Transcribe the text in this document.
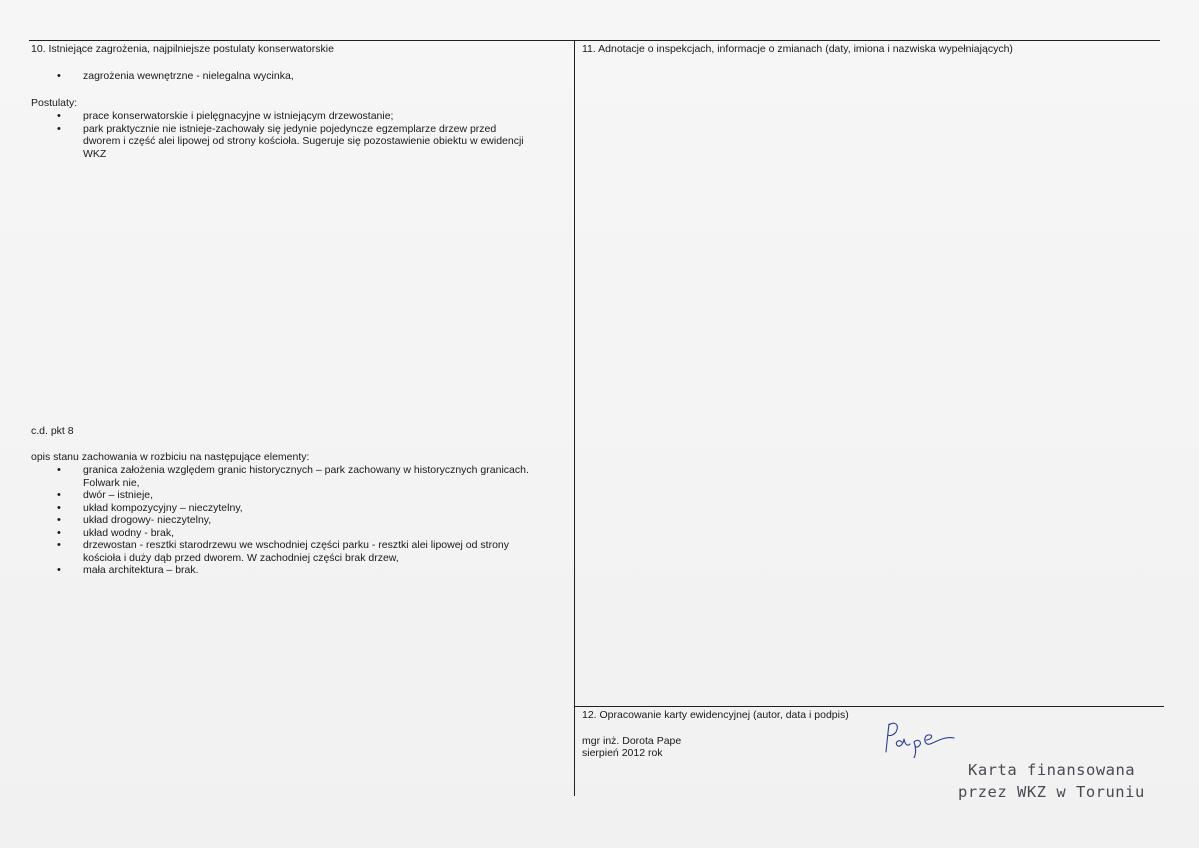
10. Istniejące zagrożenia, najpilniejsze postulaty konserwatorskie
• zagrożenia wewnętrzne - nielegalna wycinka,
Postulaty:
• prace konserwatorskie i pielęgnacyjne w istniejącym drzewostanie;
• park praktycznie nie istnieje-zachowały się jedynie pojedyncze egzemplarze drzew przed
dworem i część alei lipowej od strony kościoła. Sugeruje się pozostawienie obiektu w ewidencji
WKZ
c.d. pkt 8
opis stanu zachowania w rozbiciu na następujące elementy:
• granica założenia względem granic historycznych – park zachowany w historycznych granicach.
Folwark nie,
• dwór – istnieje,
• układ kompozycyjny – nieczytelny,
• układ drogowy- nieczytelny,
• układ wodny - brak,
• drzewostan - resztki starodrzewu we wschodniej części parku - resztki alei lipowej od strony
kościoła i duży dąb przed dworem. W zachodniej części brak drzew,
• mała architektura – brak.
11. Adnotacje o inspekcjach, informacje o zmianach (daty, imiona i nazwiska wypełniających)
12. Opracowanie karty ewidencyjnej (autor, data i podpis)
mgr inż. Dorota Pape
sierpień 2012 rok
Karta finansowana
przez WKZ w Toruniu
